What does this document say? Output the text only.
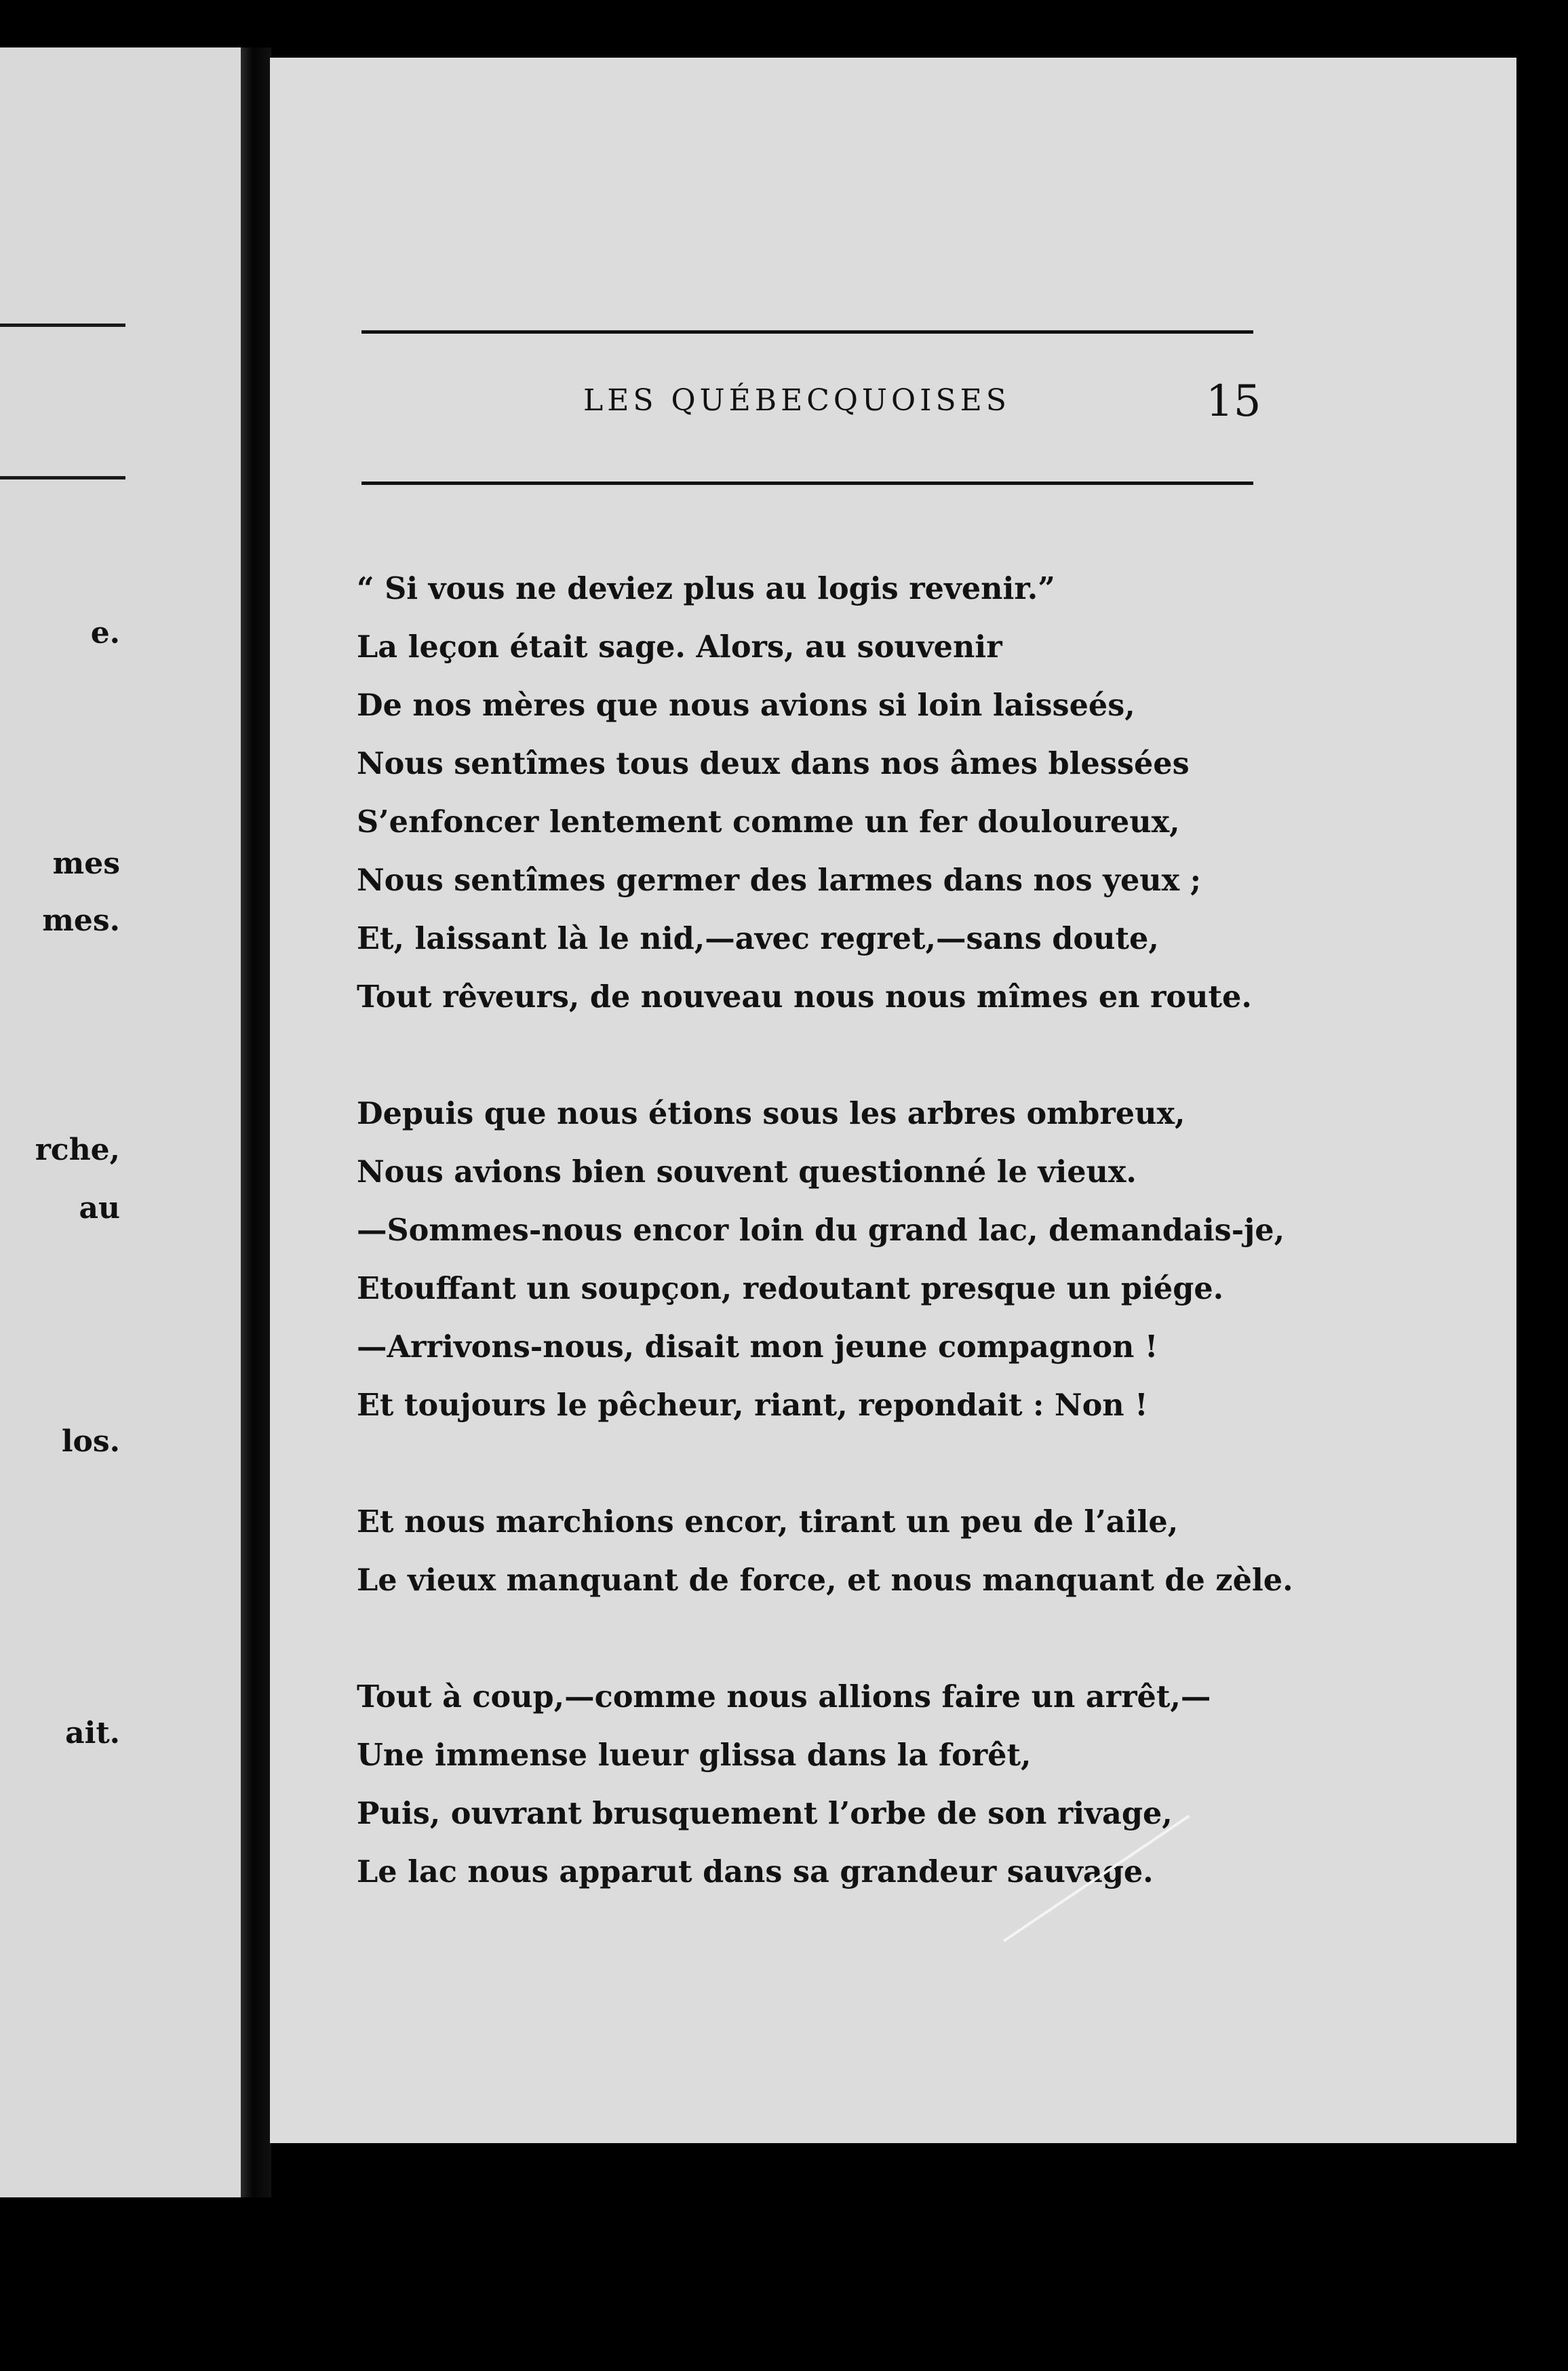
e.
mes
mes.
rche,
au
los.
ait.
LES QUÉBECQUOISES	15
“ Si vous ne deviez plus au logis revenir.”
La leçon était sage. Alors, au souvenir
De nos mères que nous avions si loin laisseés,
Nous sentîmes tous deux dans nos âmes blessées
S’enfoncer lentement comme un fer douloureux,
Nous sentîmes germer des larmes dans nos yeux ;
Et, laissant là le nid,—avec regret,—sans doute,
Tout rêveurs, de nouveau nous nous mîmes en route.
Depuis que nous étions sous les arbres ombreux,
Nous avions bien souvent questionné le vieux.
—Sommes-nous encor loin du grand lac, demandais-je,
Etouffant un soupçon, redoutant presque un piége.
—Arrivons-nous, disait mon jeune compagnon !
Et toujours le pêcheur, riant, repondait : Non !
Et nous marchions encor, tirant un peu de l’aile,
Le vieux manquant de force, et nous manquant de zèle.
Tout à coup,—comme nous allions faire un arrêt,—
Une immense lueur glissa dans la forêt,
Puis, ouvrant brusquement l’orbe de son rivage,
Le lac nous apparut dans sa grandeur sauvage.
